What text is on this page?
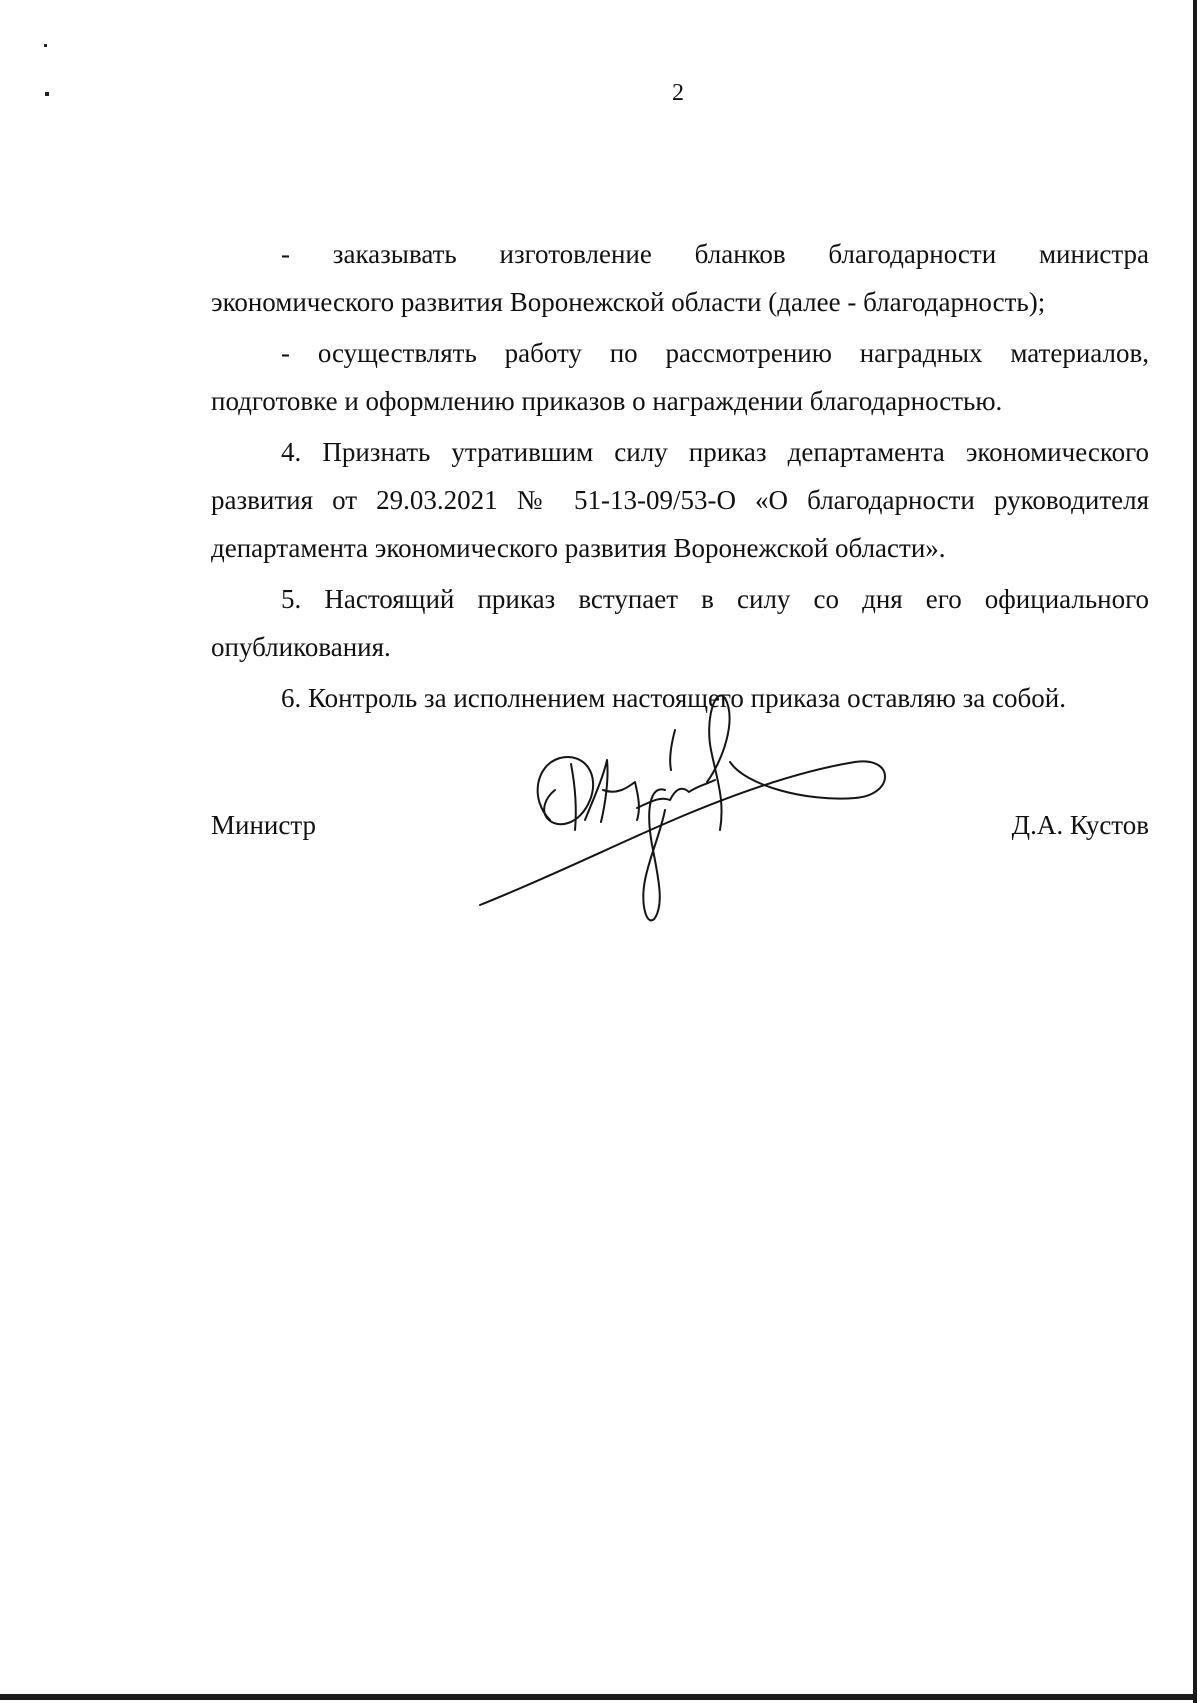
2

- заказывать изготовление бланков благодарности министра экономического развития Воронежской области (далее - благодарность);

- осуществлять работу по рассмотрению наградных материалов, подготовке и оформлению приказов о награждении благодарностью.

4. Признать утратившим силу приказ департамента экономического развития от 29.03.2021 № 51-13-09/53-О «О благодарности руководителя департамента экономического развития Воронежской области».

5. Настоящий приказ вступает в силу со дня его официального опубликования.

6. Контроль за исполнением настоящего приказа оставляю за собой.

Министр	Д.А. Кустов
